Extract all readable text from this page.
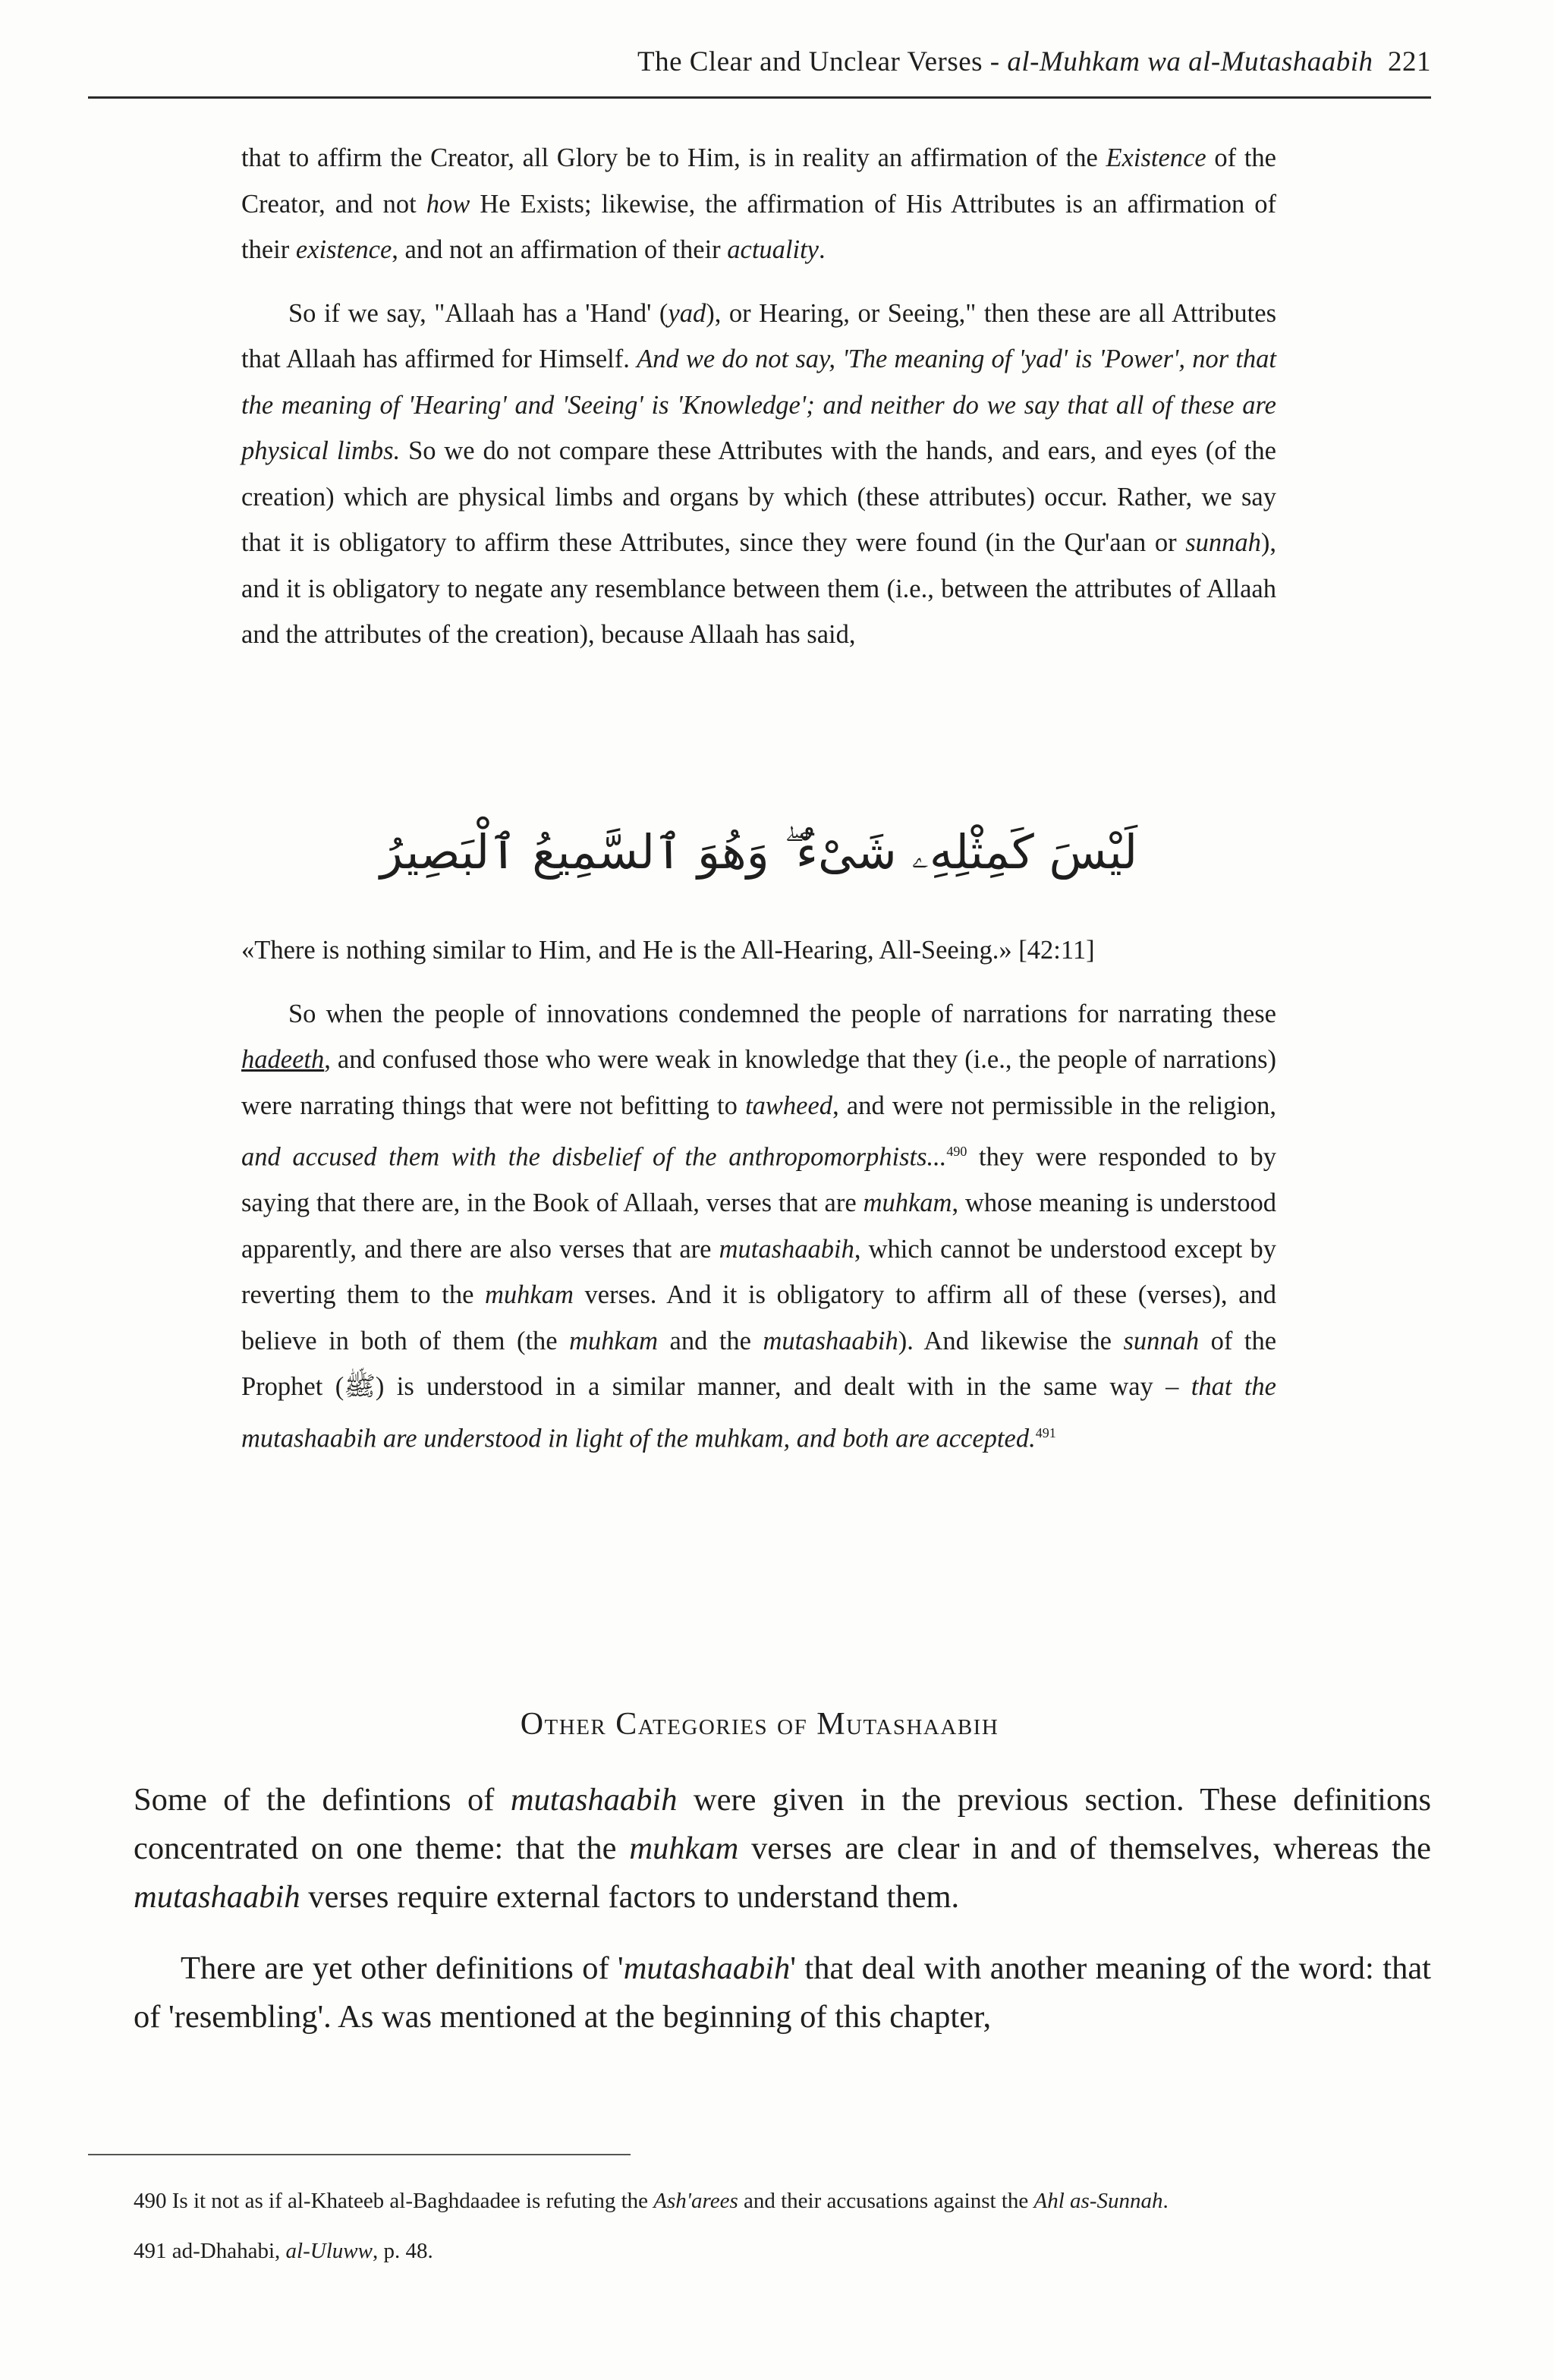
The Clear and Unclear Verses - al-Muhkam wa al-Mutashaabih 221

that to affirm the Creator, all Glory be to Him, is in reality an affirmation of the Existence of the Creator, and not how He Exists; likewise, the affirmation of His Attributes is an affirmation of their existence, and not an affirmation of their actuality.

So if we say, "Allaah has a 'Hand' (yad), or Hearing, or Seeing," then these are all Attributes that Allaah has affirmed for Himself. And we do not say, 'The meaning of 'yad' is 'Power', nor that the meaning of 'Hearing' and 'Seeing' is 'Knowledge'; and neither do we say that all of these are physical limbs. So we do not compare these Attributes with the hands, and ears, and eyes (of the creation) which are physical limbs and organs by which (these attributes) occur. Rather, we say that it is obligatory to affirm these Attributes, since they were found (in the Qur'aan or sunnah), and it is obligatory to negate any resemblance between them (i.e., between the attributes of Allaah and the attributes of the creation), because Allaah has said,

لَيْسَ كَمِثْلِهِۦ شَىْءٌ ۖ وَهُوَ ٱلسَّمِيعُ ٱلْبَصِيرُ

«There is nothing similar to Him, and He is the All-Hearing, All-Seeing.» [42:11]

So when the people of innovations condemned the people of narrations for narrating these hadeeth, and confused those who were weak in knowledge that they (i.e., the people of narrations) were narrating things that were not befitting to tawheed, and were not permissible in the religion, and accused them with the disbelief of the anthropomorphists...$^{490}$ they were responded to by saying that there are, in the Book of Allaah, verses that are muhkam, whose meaning is understood apparently, and there are also verses that are mutashaabih, which cannot be understood except by reverting them to the muhkam verses. And it is obligatory to affirm all of these (verses), and believe in both of them (the muhkam and the mutashaabih). And likewise the sunnah of the Prophet (ﷺ) is understood in a similar manner, and dealt with in the same way – that the mutashaabih are understood in light of the muhkam, and both are accepted.$^{491}$

Other Categories of Mutashaabih

Some of the defintions of mutashaabih were given in the previous section. These definitions concentrated on one theme: that the muhkam verses are clear in and of themselves, whereas the mutashaabih verses require external factors to understand them.

There are yet other definitions of 'mutashaabih' that deal with another meaning of the word: that of 'resembling'. As was mentioned at the beginning of this chapter,

490 Is it not as if al-Khateeb al-Baghdaadee is refuting the Ash'arees and their accusations against the Ahl as-Sunnah.

491 ad-Dhahabi, al-Uluww, p. 48.
